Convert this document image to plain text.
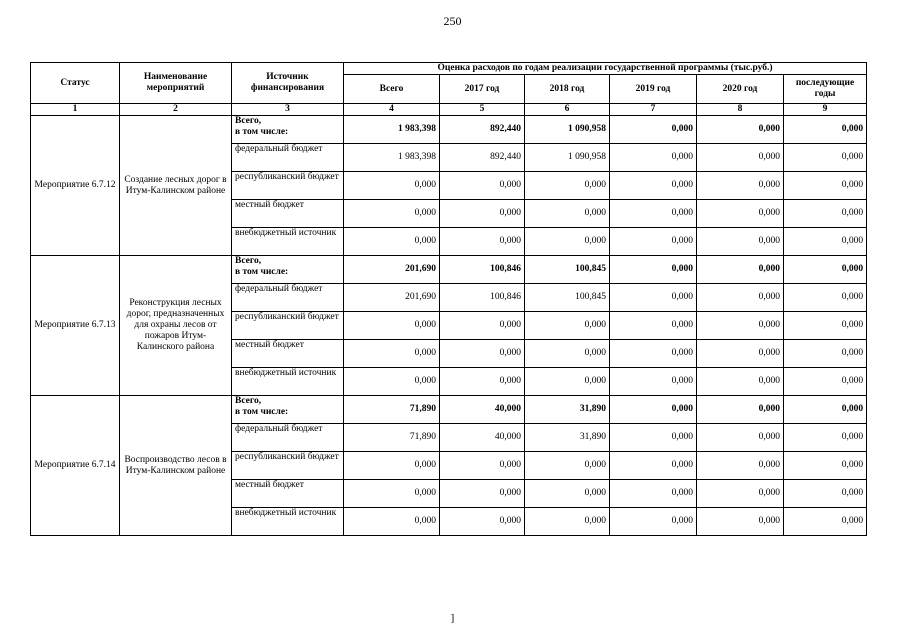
250
Статус	Наименование мероприятий	Источник финансирования	Оценка расходов по годам реализации государственной программы (тыс.руб.)					
			Всего	2017 год	2018 год	2019 год	2020 год	последующие годы
1	2	3	4	5	6	7	8	9
Мероприятие 6.7.12	Создание лесных дорог в Итум-Калинском районе	Всего,
в том числе:	1 983,398	892,440	1 090,958	0,000	0,000	0,000
		федеральный бюджет	1 983,398	892,440	1 090,958	0,000	0,000	0,000
		республиканский бюджет	0,000	0,000	0,000	0,000	0,000	0,000
		местный бюджет	0,000	0,000	0,000	0,000	0,000	0,000
		внебюджетный источник	0,000	0,000	0,000	0,000	0,000	0,000
Мероприятие 6.7.13	Реконструкция лесных дорог, предназначенных для охраны лесов от пожаров Итум-Калинского района	Всего,
в том числе:	201,690	100,846	100,845	0,000	0,000	0,000
		федеральный бюджет	201,690	100,846	100,845	0,000	0,000	0,000
		республиканский бюджет	0,000	0,000	0,000	0,000	0,000	0,000
		местный бюджет	0,000	0,000	0,000	0,000	0,000	0,000
		внебюджетный источник	0,000	0,000	0,000	0,000	0,000	0,000
Мероприятие 6.7.14	Воспроизводство лесов в Итум-Калинском районе	Всего,
в том числе:	71,890	40,000	31,890	0,000	0,000	0,000
		федеральный бюджет	71,890	40,000	31,890	0,000	0,000	0,000
		республиканский бюджет	0,000	0,000	0,000	0,000	0,000	0,000
		местный бюджет	0,000	0,000	0,000	0,000	0,000	0,000
		внебюджетный источник	0,000	0,000	0,000	0,000	0,000	0,000
]
